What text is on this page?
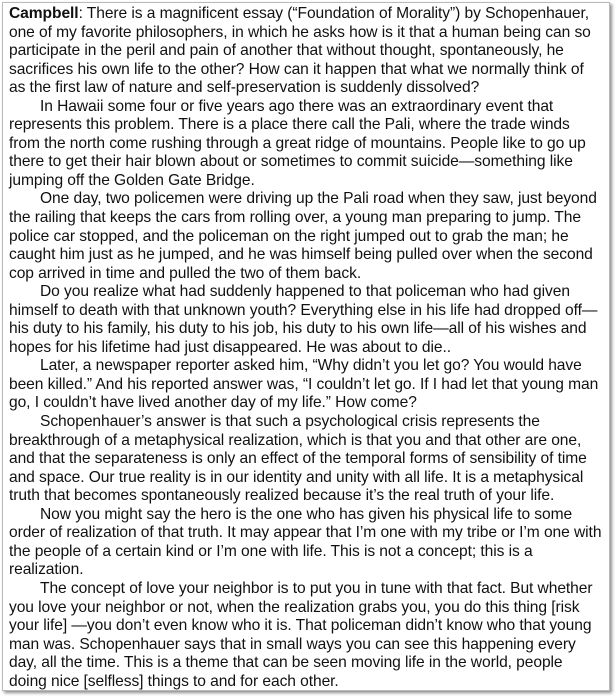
Campbell: There is a magnificent essay (“Foundation of Morality”) by Schopenhauer, one of my favorite philosophers, in which he asks how is it that a human being can so participate in the peril and pain of another that without thought, spontaneously, he sacrifices his own life to the other? How can it happen that what we normally think of as the first law of nature and self-preservation is suddenly dissolved?

In Hawaii some four or five years ago there was an extraordinary event that represents this problem. There is a place there call the Pali, where the trade winds from the north come rushing through a great ridge of mountains. People like to go up there to get their hair blown about or sometimes to commit suicide—something like jumping off the Golden Gate Bridge.

One day, two policemen were driving up the Pali road when they saw, just beyond the railing that keeps the cars from rolling over, a young man preparing to jump. The police car stopped, and the policeman on the right jumped out to grab the man; he caught him just as he jumped, and he was himself being pulled over when the second cop arrived in time and pulled the two of them back.

Do you realize what had suddenly happened to that policeman who had given himself to death with that unknown youth? Everything else in his life had dropped off—his duty to his family, his duty to his job, his duty to his own life—all of his wishes and hopes for his lifetime had just disappeared. He was about to die..

Later, a newspaper reporter asked him, “Why didn’t you let go? You would have been killed.” And his reported answer was, “I couldn’t let go. If I had let that young man go, I couldn’t have lived another day of my life.” How come?

Schopenhauer’s answer is that such a psychological crisis represents the breakthrough of a metaphysical realization, which is that you and that other are one, and that the separateness is only an effect of the temporal forms of sensibility of time and space. Our true reality is in our identity and unity with all life. It is a metaphysical truth that becomes spontaneously realized because it’s the real truth of your life.

Now you might say the hero is the one who has given his physical life to some order of realization of that truth. It may appear that I’m one with my tribe or I’m one with the people of a certain kind or I’m one with life. This is not a concept; this is a realization.

The concept of love your neighbor is to put you in tune with that fact. But whether you love your neighbor or not, when the realization grabs you, you do this thing [risk your life] —you don’t even know who it is. That policeman didn’t know who that young man was. Schopenhauer says that in small ways you can see this happening every day, all the time. This is a theme that can be seen moving life in the world, people doing nice [selfless] things to and for each other.
